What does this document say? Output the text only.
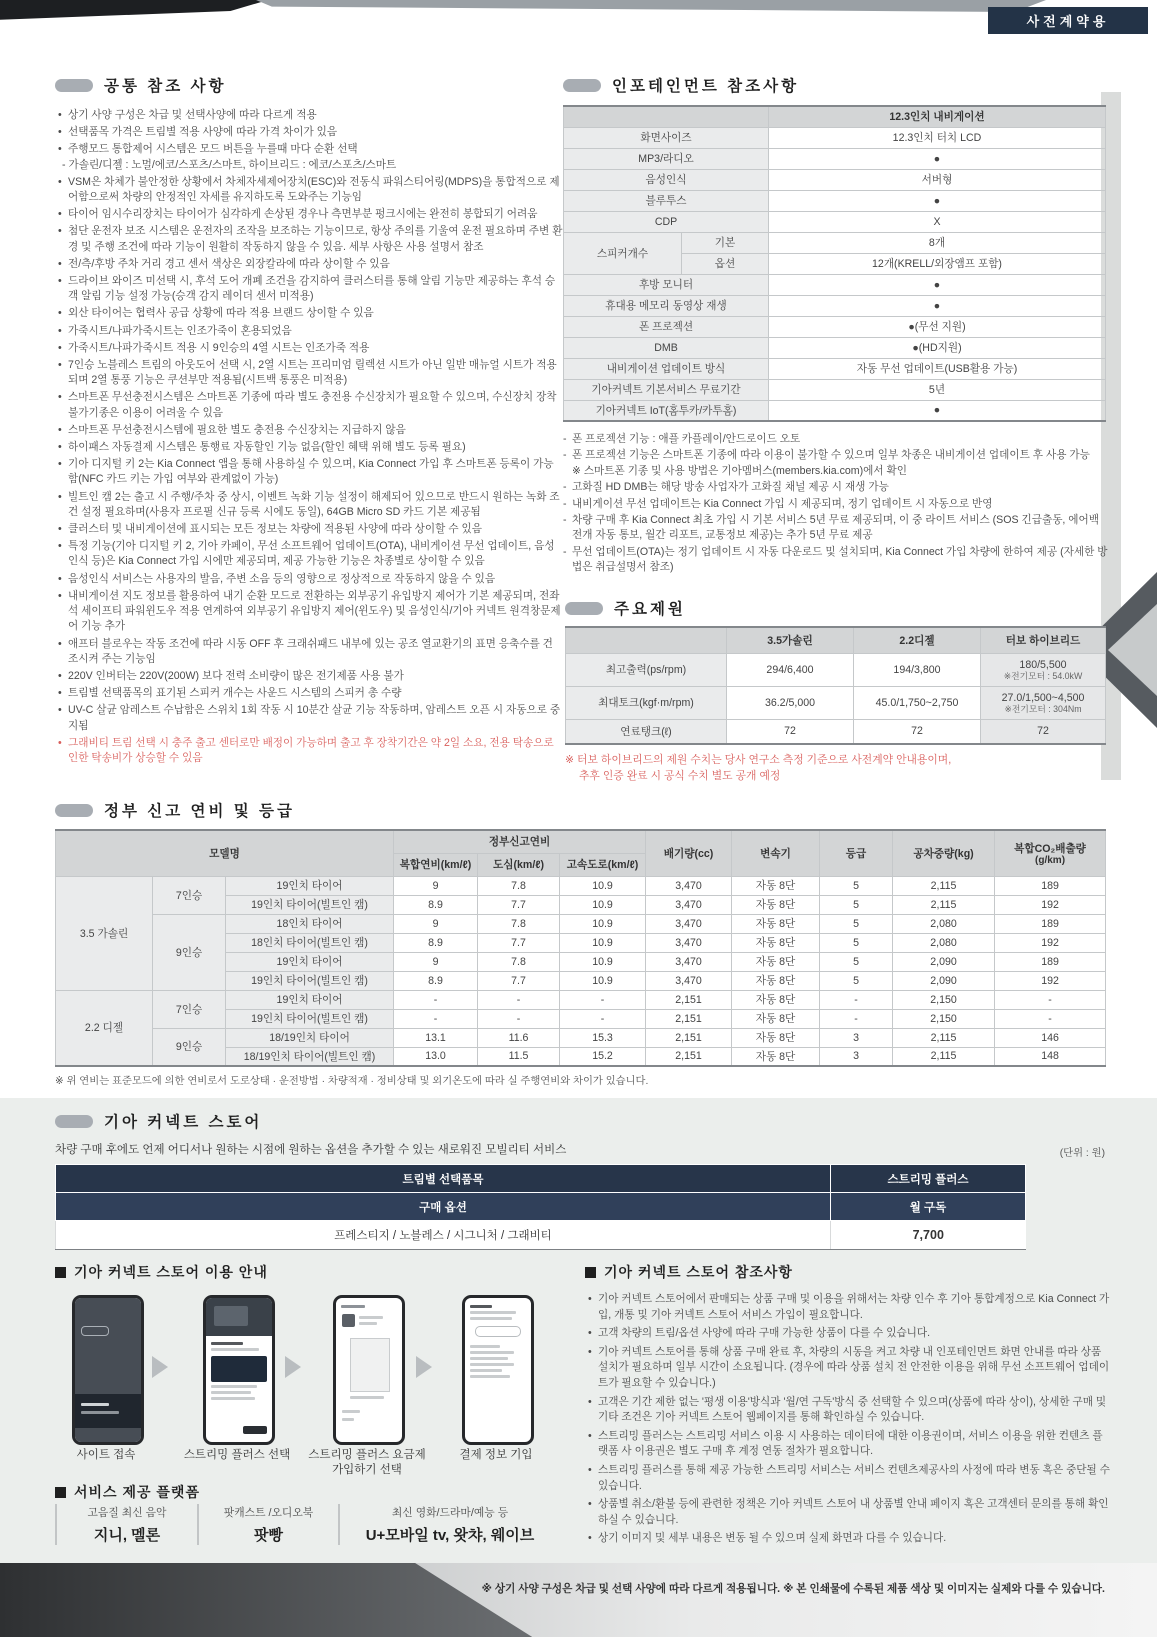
사전계약용
공통 참조 사항
• 상기 사양 구성은 차급 및 선택사양에 따라 다르게 적용
• 선택품목 가격은 트림별 적용 사양에 따라 가격 차이가 있음
• 주행모드 통합제어 시스템은 모드 버튼을 누를때 마다 순환 선택
- 가솔린/디젤 : 노멀/에코/스포츠/스마트, 하이브리드 : 에코/스포츠/스마트
• VSM은 차체가 불안정한 상황에서 차체자세제어장치(ESC)와 전동식 파워스티어링(MDPS)을 통합적으로 제어함으로써 차량의 안정적인 자세를 유지하도록 도와주는 기능임
• 타이어 임시수리장치는 타이어가 심각하게 손상된 경우나 측면부분 펑크시에는 완전히 봉합되기 어려움
• 첨단 운전자 보조 시스템은 운전자의 조작을 보조하는 기능이므로, 항상 주의를 기울여 운전 필요하며 주변 환경 및 주행 조건에 따라 기능이 원활히 작동하지 않을 수 있음. 세부 사항은 사용 설명서 참조
• 전/측/후방 주차 거리 경고 센서 색상은 외장칼라에 따라 상이할 수 있음
• 드라이브 와이즈 미선택 시, 후석 도어 개폐 조건을 감지하여 클러스터를 통해 알림 기능만 제공하는 후석 승객 알림 기능 설정 가능(승객 감지 레이더 센서 미적용)
• 외산 타이어는 협력사 공급 상황에 따라 적용 브랜드 상이할 수 있음
• 가죽시트/나파가죽시트는 인조가죽이 혼용되었음
• 가죽시트/나파가죽시트 적용 시 9인승의 4열 시트는 인조가죽 적용
• 7인승 노블레스 트림의 아웃도어 선택 시, 2열 시트는 프리미엄 릴렉션 시트가 아닌 일반 매뉴얼 시트가 적용 되며 2열 통풍 기능은 쿠션부만 적용됨(시트백 통풍은 미적용)
• 스마트폰 무선충전시스템은 스마트폰 기종에 따라 별도 충전용 수신장치가 필요할 수 있으며, 수신장치 장착 불가기종은 이용이 어려울 수 있음
• 스마트폰 무선충전시스템에 필요한 별도 충전용 수신장치는 지급하지 않음
• 하이패스 자동결제 시스템은 통행료 자동할인 기능 없음(할인 혜택 위해 별도 등록 필요)
• 기아 디지털 키 2는 Kia Connect 앱을 통해 사용하실 수 있으며, Kia Connect 가입 후 스마트폰 등록이 가능함(NFC 카드 키는 가입 여부와 관계없이 가능)
• 빌트인 캠 2는 출고 시 주행/주차 중 상시, 이벤트 녹화 기능 설정이 해제되어 있으므로 반드시 원하는 녹화 조건 설정 필요하며(사용자 프로필 신규 등록 시에도 동일), 64GB Micro SD 카드 기본 제공됨
• 클러스터 및 내비게이션에 표시되는 모든 정보는 차량에 적용된 사양에 따라 상이할 수 있음
• 특정 기능(기아 디지털 키 2, 기아 카페이, 무선 소프트웨어 업데이트(OTA), 내비게이션 무선 업데이트, 음성인식 등)은 Kia Connect 가입 시에만 제공되며, 제공 가능한 기능은 차종별로 상이할 수 있음
• 음성인식 서비스는 사용자의 발음, 주변 소음 등의 영향으로 정상적으로 작동하지 않을 수 있음
• 내비게이션 지도 정보를 활용하여 내기 순환 모드로 전환하는 외부공기 유입방지 제어가 기본 제공되며, 전좌석 세이프티 파워윈도우 적용 연계하여 외부공기 유입방지 제어(윈도우) 및 음성인식/기아 커넥트 원격창문제어 기능 추가
• 애프터 블로우는 작동 조건에 따라 시동 OFF 후 크래쉬패드 내부에 있는 공조 열교환기의 표면 응축수를 건조시켜 주는 기능임
• 220V 인버터는 220V(200W) 보다 전력 소비량이 많은 전기제품 사용 불가
• 트림별 선택품목의 표기된 스피커 개수는 사운드 시스템의 스피커 총 수량
• UV-C 살균 암레스트 수납함은 스위치 1회 작동 시 10분간 살균 기능 작동하며, 암레스트 오픈 시 자동으로 중지됨
• 그래비티 트림 선택 시 충주 출고 센터로만 배정이 가능하며 출고 후 장착기간은 약 2일 소요, 전용 탁송으로 인한 탁송비가 상승할 수 있음
인포테인먼트 참조사항
		12.3인치 내비게이션
화면사이즈		12.3인치 터치 LCD
MP3/라디오		●
음성인식		서버형
블루투스		●
CDP		X
스피커개수	기본	8개
	옵션	12개(KRELL/외장앰프 포함)
후방 모니터		●
휴대용 메모리 동영상 재생		●
폰 프로젝션		●(무선 지원)
DMB		●(HD지원)
내비게이션 업데이트 방식		자동 무선 업데이트(USB활용 가능)
기아커넥트 기본서비스 무료기간		5년
기아커넥트 IoT(홈투카/카투홈)		●
- 폰 프로젝션 기능 : 애플 카플레이/안드로이드 오토
- 폰 프로젝션 기능은 스마트폰 기종에 따라 이용이 불가할 수 있으며 일부 차종은 내비게이션 업데이트 후 사용 가능　 ※ 스마트폰 기종 및 사용 방법은 기아멤버스(members.kia.com)에서 확인
- 고화질 HD DMB는 해당 방송 사업자가 고화질 채널 제공 시 재생 가능
- 내비게이션 무선 업데이트는 Kia Connect 가입 시 제공되며, 정기 업데이트 시 자동으로 반영
- 차량 구매 후 Kia Connect 최초 가입 시 기본 서비스 5년 무료 제공되며, 이 중 라이트 서비스 (SOS 긴급출동, 에어백 전개 자동 통보, 월간 리포트, 교통정보 제공)는 추가 5년 무료 제공
- 무선 업데이트(OTA)는 정기 업데이트 시 자동 다운로드 및 설치되며, Kia Connect 가입 차량에 한하여 제공 (자세한 방법은 취급설명서 참조)
주요제원
	3.5가솔린	2.2디젤	터보 하이브리드
최고출력(ps/rpm)	294/6,400	194/3,800	180/5,500
※전기모터 : 54.0kW

최대토크(kgf·m/rpm)	36.2/5,000	45.0/1,750~2,750	27.0/1,500~4,500
※전기모터 : 304Nm

연료탱크(ℓ)	72	72	72
※ 터보 하이브리드의 제원 수치는 당사 연구소 측정 기준으로 사전계약 안내용이며,
추후 인증 완료 시 공식 수치 별도 공개 예정
정부 신고 연비 및 등급
모델명			정부신고연비			배기량(cc)	변속기	등급	공차중량(kg)	복합CO₂배출량
(g/km)

			복합연비(km/ℓ)	도심(km/ℓ)	고속도로(km/ℓ)					
3.5 가솔린	7인승	19인치 타이어	9	7.8	10.9	3,470	자동 8단	5	2,115	189
		19인치 타이어(빌트인 캠)	8.9	7.7	10.9	3,470	자동 8단	5	2,115	192
	9인승	18인치 타이어	9	7.8	10.9	3,470	자동 8단	5	2,080	189
		18인치 타이어(빌트인 캠)	8.9	7.7	10.9	3,470	자동 8단	5	2,080	192
		19인치 타이어	9	7.8	10.9	3,470	자동 8단	5	2,090	189
		19인치 타이어(빌트인 캠)	8.9	7.7	10.9	3,470	자동 8단	5	2,090	192
2.2 디젤	7인승	19인치 타이어	-	-	-	2,151	자동 8단	-	2,150	-
		19인치 타이어(빌트인 캠)	-	-	-	2,151	자동 8단	-	2,150	-
	9인승	18/19인치 타이어	13.1	11.6	15.3	2,151	자동 8단	3	2,115	146
		18/19인치 타이어(빌트인 캠)	13.0	11.5	15.2	2,151	자동 8단	3	2,115	148
※ 위 연비는 표준모드에 의한 연비로서 도로상태 · 운전방법 · 차량적재 · 정비상태 및 외기온도에 따라 실 주행연비와 차이가 있습니다.
기아 커넥트 스토어
차량 구매 후에도 언제 어디서나 원하는 시점에 원하는 옵션을 추가할 수 있는 새로워진 모빌리티 서비스	(단위 : 원)
트림별 선택품목	스트리밍 플러스
구매 옵션	월 구독
프레스티지 / 노블레스 / 시그니처 / 그래비티	7,700
기아 커넥트 스토어 이용 안내
사이트 접속	스트리밍 플러스 선택	스트리밍 플러스 요금제
가입하기 선택
결제 정보 기입
서비스 제공 플랫폼
고음질 최신 음악
지니, 멜론
팟캐스트 /오디오북
팟빵
최신 영화/드라마/예능 등
U+모바일 tv, 왓챠, 웨이브
기아 커넥트 스토어 참조사항
• 기아 커넥트 스토어에서 판매되는 상품 구매 및 이용을 위해서는 차량 인수 후 기아 통합계정으로 Kia Connect 가입, 개통 및 기아 커넥트 스토어 서비스 가입이 필요합니다.
• 고객 차량의 트림/옵션 사양에 따라 구매 가능한 상품이 다를 수 있습니다.
• 기아 커넥트 스토어를 통해 상품 구매 완료 후, 차량의 시동을 켜고 차량 내 인포테인먼트 화면 안내를 따라 상품 설치가 필요하며 일부 시간이 소요됩니다. (경우에 따라 상품 설치 전 안전한 이용을 위해 무선 소프트웨어 업데이트가 필요할 수 있습니다.)
• 고객은 기간 제한 없는 '평생 이용'방식과 '월/연 구독'방식 중 선택할 수 있으며(상품에 따라 상이), 상세한 구매 및 기타 조건은 기아 커넥트 스토어 웹페이지를 통해 확인하실 수 있습니다.
• 스트리밍 플러스는 스트리밍 서비스 이용 시 사용하는 데이터에 대한 이용권이며, 서비스 이용을 위한 컨텐츠 플랫폼 사 이용권은 별도 구매 후 계정 연동 절차가 필요합니다.
• 스트리밍 플러스를 통해 제공 가능한 스트리밍 서비스는 서비스 컨텐츠제공사의 사정에 따라 변동 혹은 중단될 수 있습니다.
• 상품별 취소/환불 등에 관련한 정책은 기아 커넥트 스토어 내 상품별 안내 페이지 혹은 고객센터 문의를 통해 확인하실 수 있습니다.
• 상기 이미지 및 세부 내용은 변동 될 수 있으며 실제 화면과 다를 수 있습니다.
※ 상기 사양 구성은 차급 및 선택 사양에 따라 다르게 적용됩니다. ※ 본 인쇄물에 수록된 제품 색상 및 이미지는 실제와 다를 수 있습니다.
